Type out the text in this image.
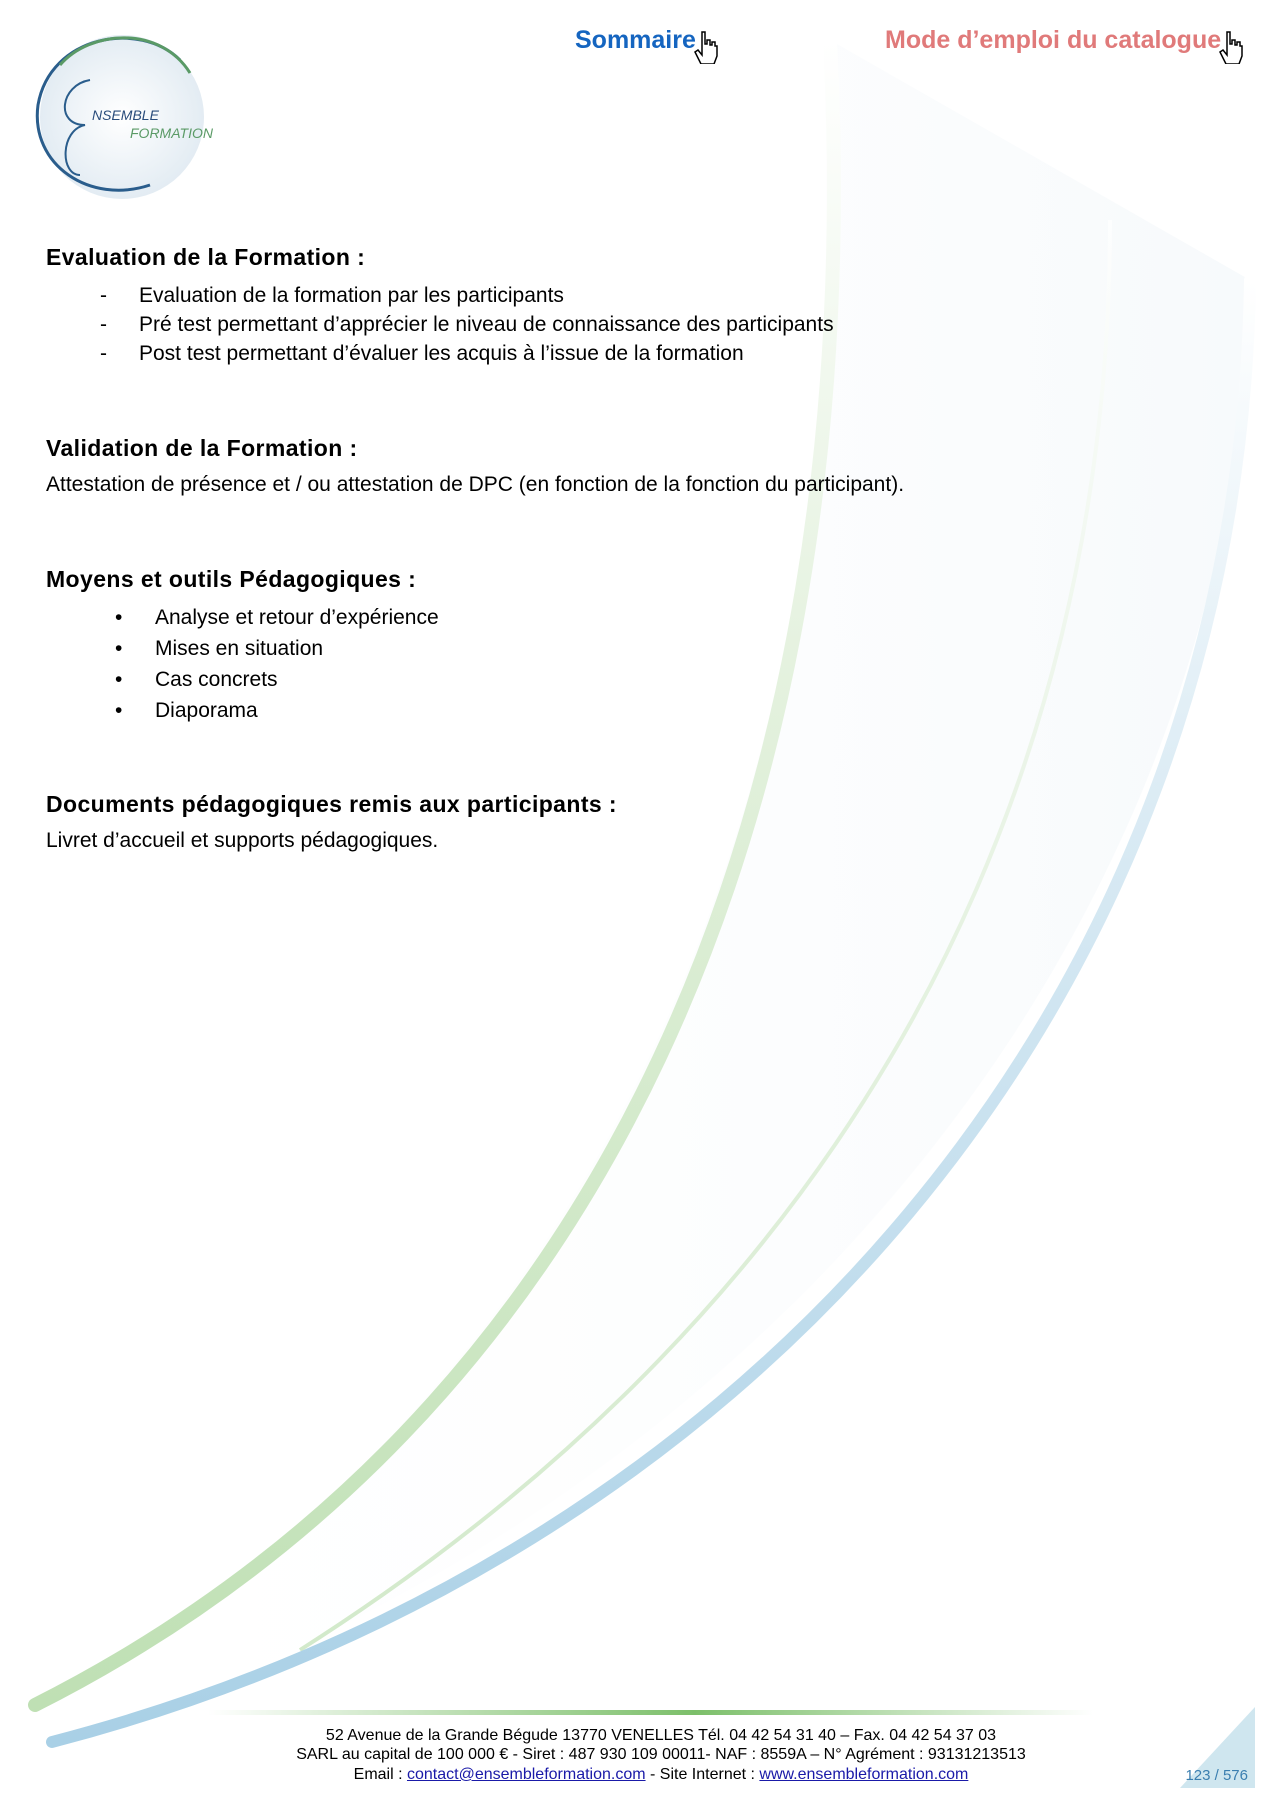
NSEMBLE
FORMATION
Sommaire	Mode d’emploi du catalogue
Evaluation de la Formation :
- Evaluation de la formation par les participants
- Pré test permettant d’apprécier le niveau de connaissance des participants
- Post test permettant d’évaluer les acquis à l’issue de la formation
Validation de la Formation :
Attestation de présence et / ou attestation de DPC (en fonction de la fonction du participant).
Moyens et outils Pédagogiques :
• Analyse et retour d’expérience
• Mises en situation
• Cas concrets
• Diaporama
Documents pédagogiques remis aux participants :
Livret d’accueil et supports pédagogiques.
52 Avenue de la Grande Bégude 13770 VENELLES Tél. 04 42 54 31 40 – Fax. 04 42 54 37 03
SARL au capital de 100 000 € - Siret : 487 930 109 00011- NAF : 8559A – N° Agrément : 93131213513
Email : contact@ensembleformation.com - Site Internet : www.ensembleformation.com	123 / 576
